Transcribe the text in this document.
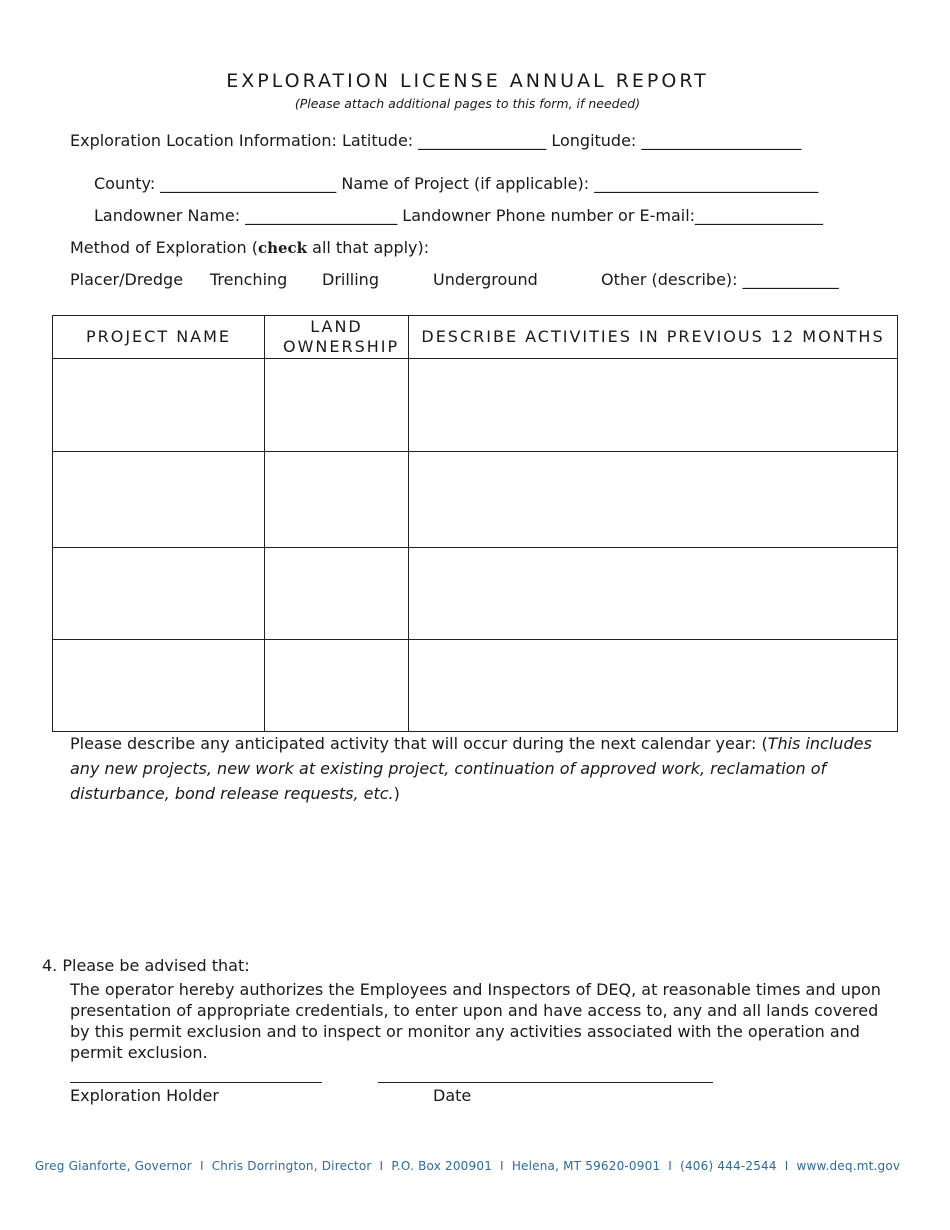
EXPLORATION LICENSE ANNUAL REPORT
(Please attach additional pages to this form, if needed)
Exploration Location Information: Latitude: ________________ Longitude: ____________________
County: ______________________ Name of Project (if applicable): ____________________________
Landowner Name: ___________________ Landowner Phone number or E-mail:________________
Method of Exploration (check all that apply):
Placer/Dredge Trenching Drilling	Underground	Other (describe): ____________
PROJECT NAME	LAND OWNERSHIP	DESCRIBE ACTIVITIES IN PREVIOUS 12 MONTHS

Please describe any anticipated activity that will occur during the next calendar year: (This includes any new projects, new work at existing project, continuation of approved work, reclamation of disturbance, bond release requests, etc.)
4. Please be advised that:
The operator hereby authorizes the Employees and Inspectors of DEQ, at reasonable times and upon presentation of appropriate credentials, to enter upon and have access to, any and all lands covered by this permit exclusion and to inspect or monitor any activities associated with the operation and permit exclusion.
Exploration Holder	Date
Greg Gianforte, Governor  I  Chris Dorrington, Director  I  P.O. Box 200901  I  Helena, MT 59620-0901  I  (406) 444-2544  I  www.deq.mt.gov
